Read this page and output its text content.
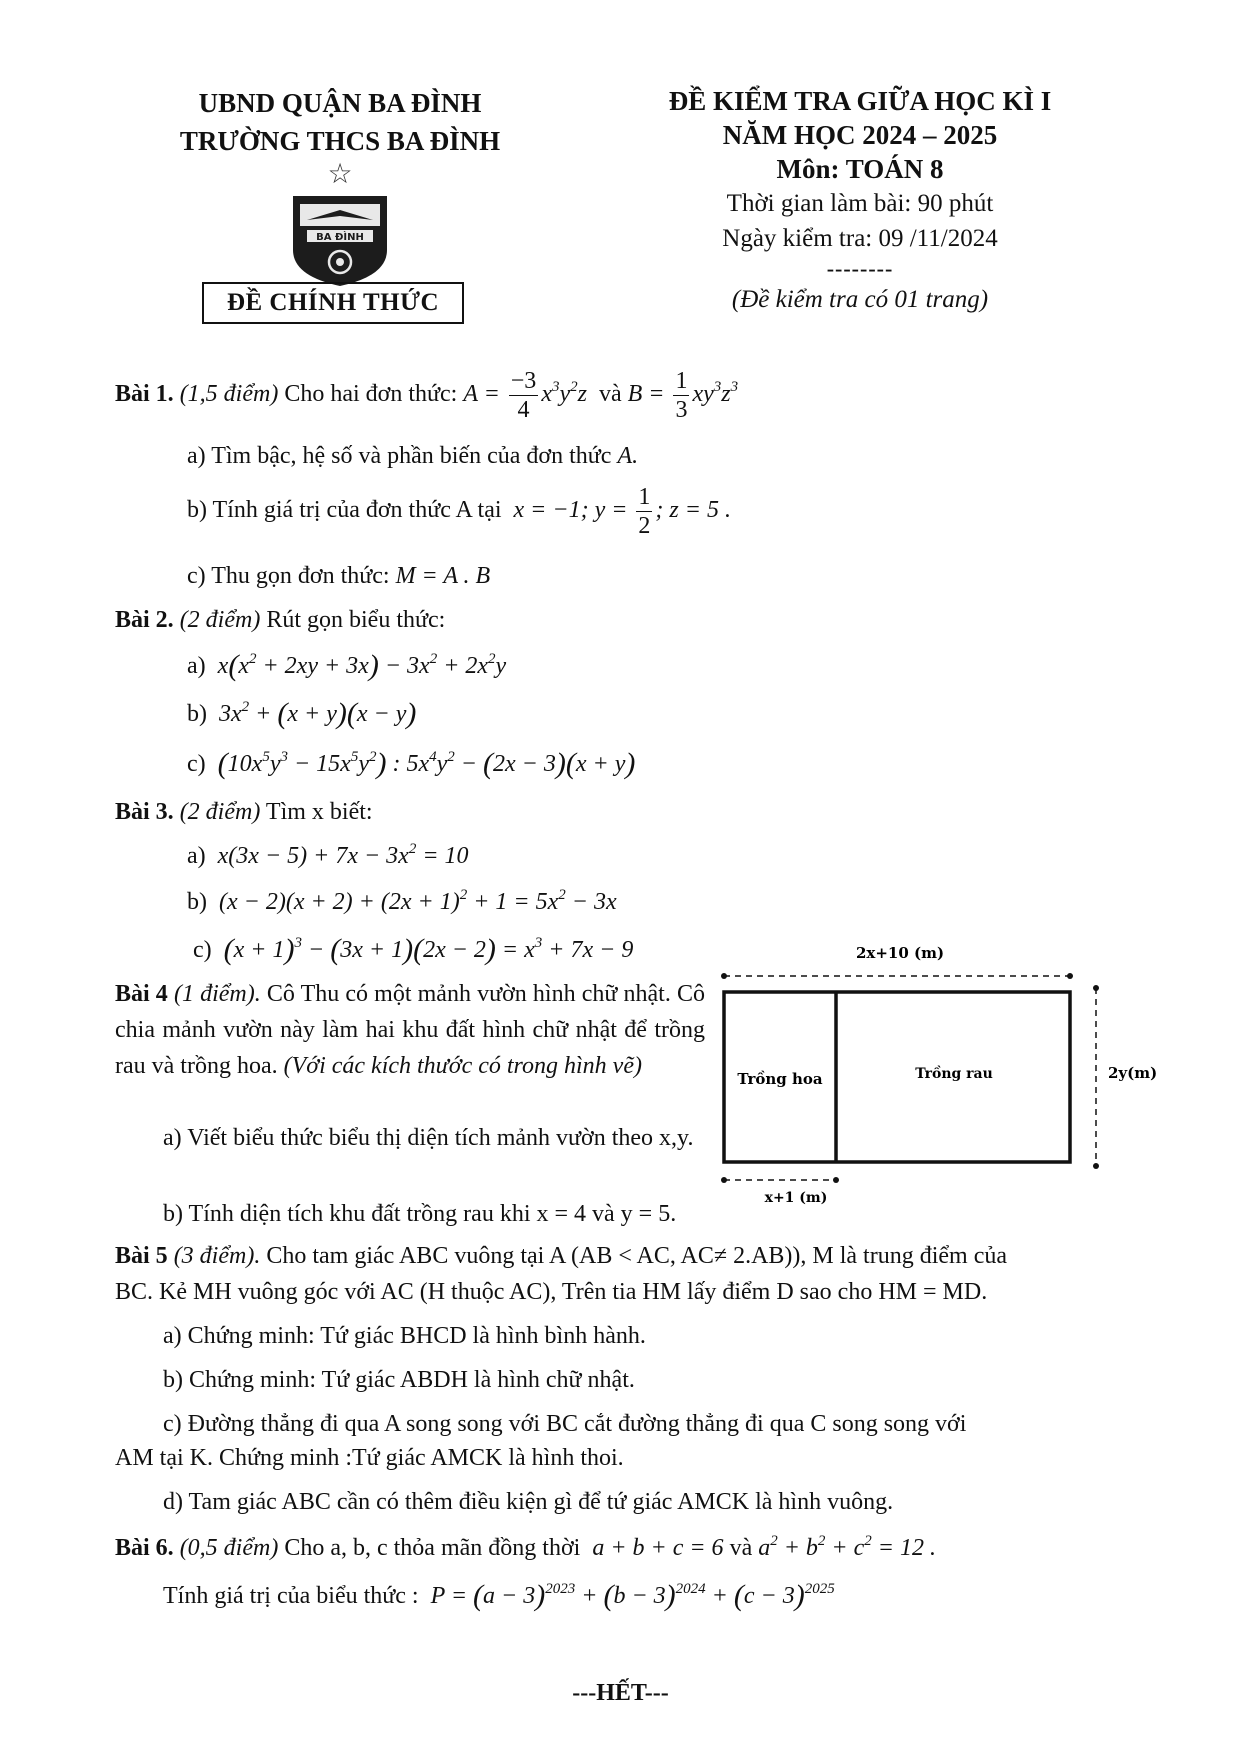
UBND QUẬN BA ĐÌNH
TRƯỜNG THCS BA ĐÌNH
☆
BA ĐÌNH
ĐỀ CHÍNH THỨC
ĐỀ KIỂM TRA GIỮA HỌC KÌ I
NĂM HỌC 2024 – 2025
Môn: TOÁN 8
Thời gian làm bài: 90 phút
Ngày kiểm tra: 09 /11/2024
--------
(Đề kiểm tra có 01 trang)
Bài 1. (1,5 điểm) Cho hai đơn thức: $A = \frac{-3}{4} x^3y^2z$ và $B = \frac{1}{3} xy^3z^3$
a) Tìm bậc, hệ số và phần biến của đơn thức A.
b) Tính giá trị của đơn thức A tại  x = −1; $y = \frac{1}{2}$ ; z = 5 .
c) Thu gọn đơn thức: M = A . B
Bài 2. (2 điểm) Rút gọn biểu thức:
a)  $x(x^2 + 2xy + 3x) - 3x^2 + 2x^2y$
b)  $3x^2 + (x + y)(x - y)$
c)  $(10x^5y^3 - 15x^5y^2)$ : $5x^4y^2 - (2x - 3)(x + y)$
Bài 3. (2 điểm) Tìm x biết:
a)  $x(3x - 5) + 7x - 3x^2 = 10$
b)  $(x - 2)(x + 2) + (2x + 1)^2 + 1 = 5x^2 - 3x$
c)  $(x + 1)^3 - (3x + 1)(2x - 2) = x^3 + 7x - 9$
Bài 4 (1 điểm). Cô Thu có một mảnh vườn hình chữ nhật. Cô chia mảnh vườn này làm hai khu đất hình chữ nhật để trồng rau và trồng hoa. (Với các kích thước có trong hình vẽ)
a) Viết biểu thức biểu thị diện tích mảnh vườn theo x,y.
b) Tính diện tích khu đất trồng rau khi x = 4 và y = 5.
Bài 5 (3 điểm). Cho tam giác ABC vuông tại A (AB < AC, AC≠ 2.AB)), M là trung điểm của
BC. Kẻ MH vuông góc với AC (H thuộc AC), Trên tia HM lấy điểm D sao cho HM = MD.
a) Chứng minh: Tứ giác BHCD là hình bình hành.
b) Chứng minh: Tứ giác ABDH là hình chữ nhật.
c) Đường thẳng đi qua A song song với BC cắt đường thẳng đi qua C song song với
AM tại K. Chứng minh :Tứ giác AMCK là hình thoi.
d) Tam giác ABC cần có thêm điều kiện gì để tứ giác AMCK là hình vuông.
Bài 6. (0,5 điểm) Cho a, b, c thỏa mãn đồng thời  a + b + c = 6 và $a^2 + b^2 + c^2 = 12$ .
Tính giá trị của biểu thức :  $P = (a - 3)^{2023} + (b - 3)^{2024} + (c - 3)^{2025}$
2x+10 (m)
Trồng hoa	Trồng rau	2y(m)
x+1 (m)
---HẾT---
